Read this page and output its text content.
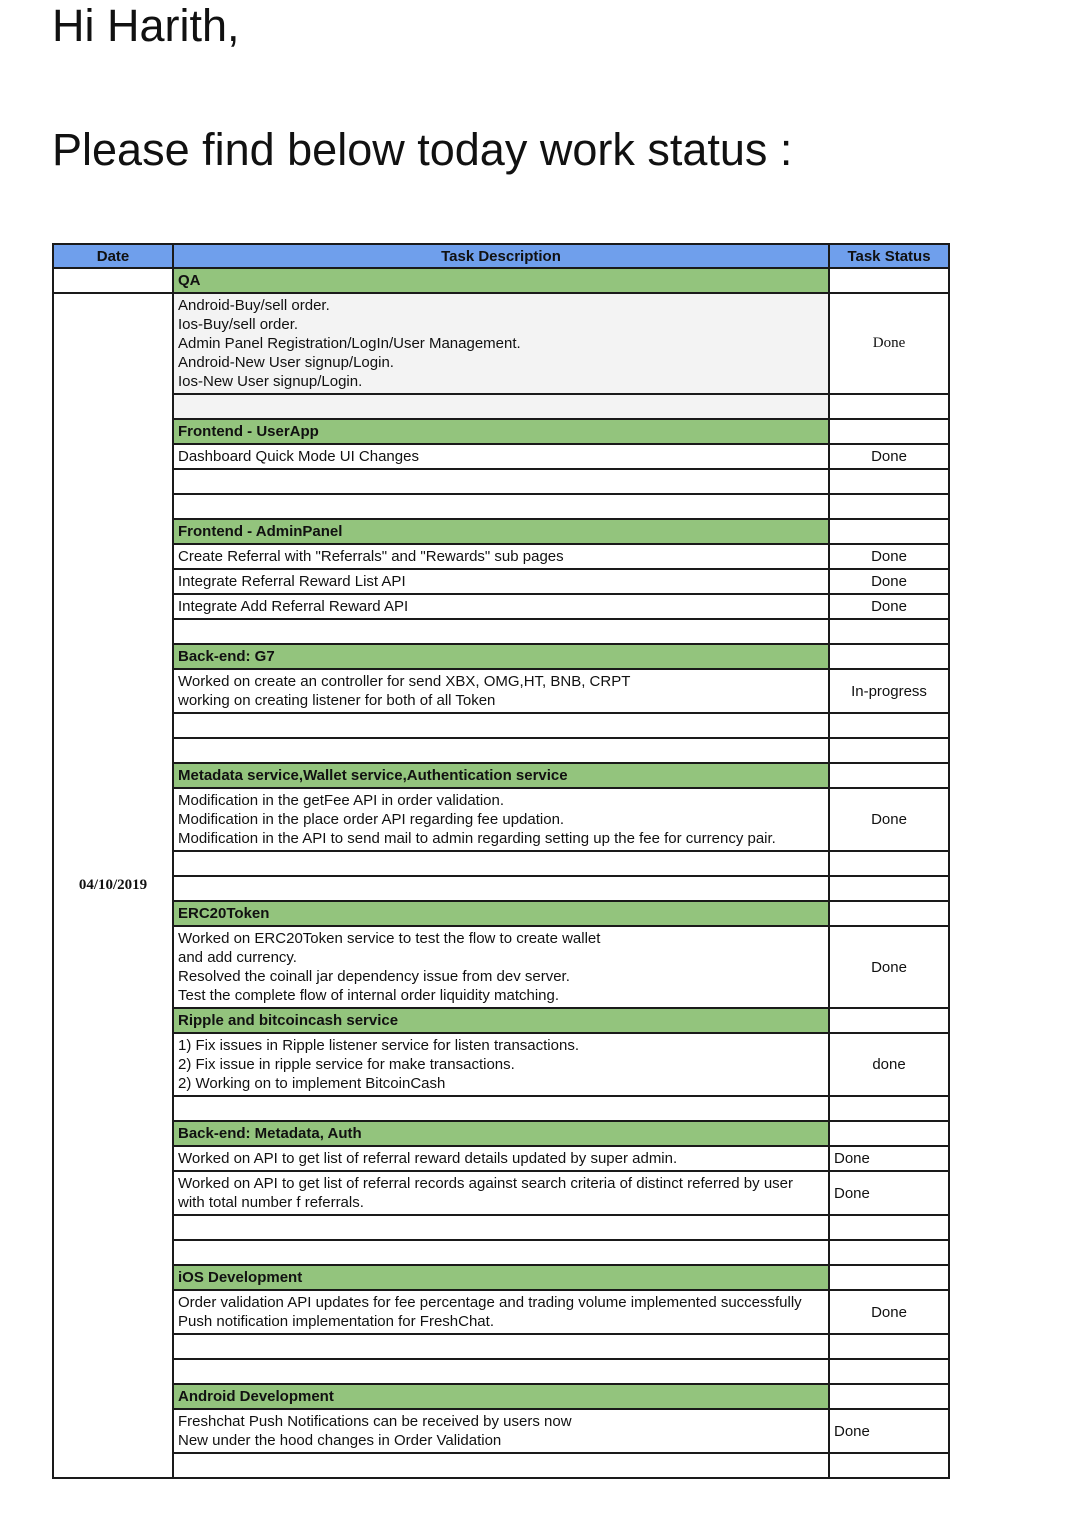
Hi Harith,
Please find below today work status :
Date	Task Description	Task Status
	QA	
04/10/2019	Android-Buy/sell order.
Ios-Buy/sell order.
Admin Panel Registration/LogIn/User Management.
Android-New User signup/Login.
Ios-New User signup/Login.	Done

	Frontend - UserApp	
	Dashboard Quick Mode UI Changes	Done

	Frontend - AdminPanel	
	Create Referral with "Referrals" and "Rewards" sub pages	Done
	Integrate Referral Reward List API	Done
	Integrate Add Referral Reward API	Done

	Back-end: G7	

	Worked on create an controller for send XBX, OMG,HT, BNB, CRPT
working on creating listener for both of all Token	In-progress

	Metadata service,Wallet service,Authentication service	

	Modification in the getFee API in order validation.
Modification in the place order API regarding fee updation.
Modification in the API to send mail to admin regarding setting up the fee for currency pair.	Done

	ERC20Token	

	Worked on ERC20Token service to test the flow to create wallet
and add currency.
Resolved the coinall jar dependency issue from dev server.
Test the complete flow of internal order liquidity matching.	Done
	Ripple and bitcoincash service	

	1) Fix issues in Ripple listener service for listen transactions.
2) Fix issue in ripple service for make transactions.
2) Working on to implement BitcoinCash	done

	Back-end: Metadata, Auth	
	Worked on API to get list of referral reward details updated by super admin.	Done

	Worked on API to get list of referral records against search criteria of distinct referred by user
with total number f referrals.	Done

	iOS Development	

	Order validation API updates for fee percentage and trading volume implemented successfully
Push notification implementation for FreshChat.	Done

	Android Development	

	Freshchat Push Notifications can be received by users now
New under the hood changes in Order Validation	Done
